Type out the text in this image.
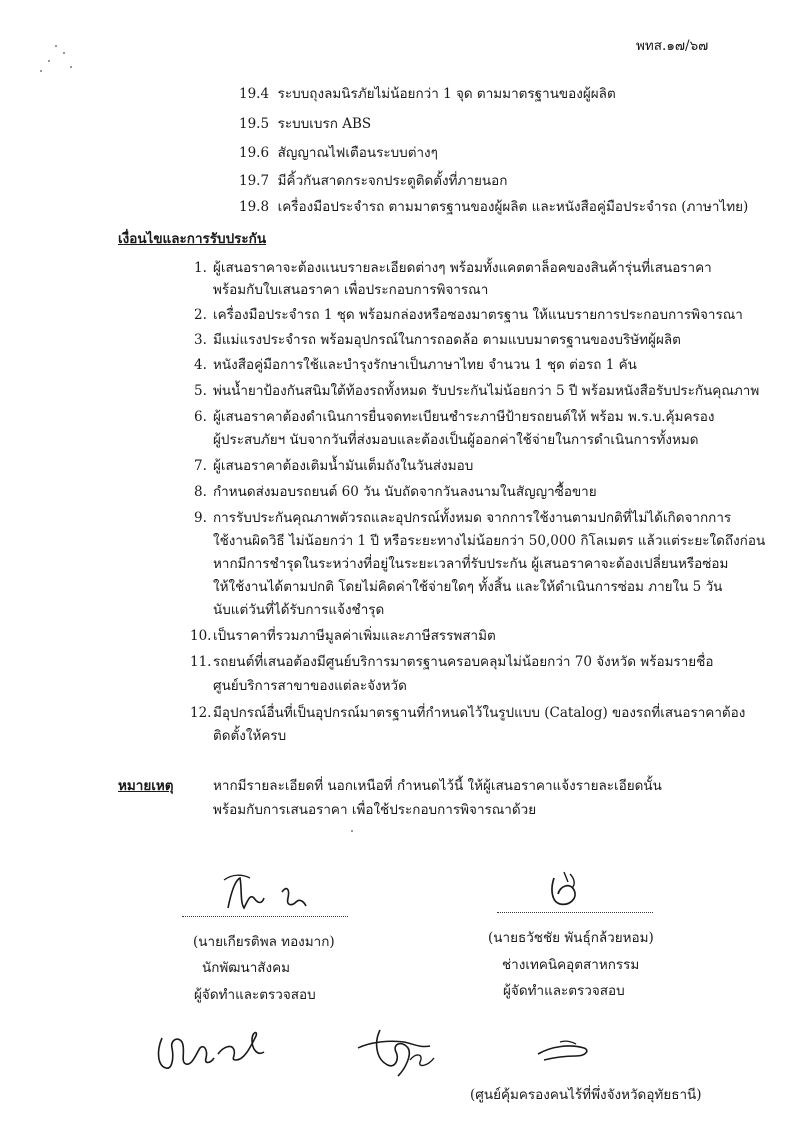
พทส.๑๗/๖๗
19.4 ระบบถุงลมนิรภัยไม่น้อยกว่า 1 จุด ตามมาตรฐานของผู้ผลิต
19.5 ระบบเบรก ABS
19.6 สัญญาณไฟเตือนระบบต่างๆ
19.7 มีคิ้วกันสาดกระจกประตูติดตั้งที่ภายนอก
19.8 เครื่องมือประจำรถ ตามมาตรฐานของผู้ผลิต และหนังสือคู่มือประจำรถ (ภาษาไทย)
เงื่อนไขและการรับประกัน
1. ผู้เสนอราคาจะต้องแนบรายละเอียดต่างๆ พร้อมทั้งแคตตาล็อคของสินค้ารุ่นที่เสนอราคา
พร้อมกับใบเสนอราคา เพื่อประกอบการพิจารณา
2. เครื่องมือประจำรถ 1 ชุด พร้อมกล่องหรือซองมาตรฐาน ให้แนบรายการประกอบการพิจารณา
3. มีแม่แรงประจำรถ พร้อมอุปกรณ์ในการถอดล้อ ตามแบบมาตรฐานของบริษัทผู้ผลิต
4. หนังสือคู่มือการใช้และบำรุงรักษาเป็นภาษาไทย จำนวน 1 ชุด ต่อรถ 1 คัน
5. พ่นน้ำยาป้องกันสนิมใต้ท้องรถทั้งหมด รับประกันไม่น้อยกว่า 5 ปี พร้อมหนังสือรับประกันคุณภาพ
6. ผู้เสนอราคาต้องดำเนินการยื่นจดทะเบียนชำระภาษีป้ายรถยนต์ให้ พร้อม พ.ร.บ.คุ้มครอง
ผู้ประสบภัยฯ นับจากวันที่ส่งมอบและต้องเป็นผู้ออกค่าใช้จ่ายในการดำเนินการทั้งหมด
7. ผู้เสนอราคาต้องเติมน้ำมันเต็มถังในวันส่งมอบ
8. กำหนดส่งมอบรถยนต์ 60 วัน นับถัดจากวันลงนามในสัญญาซื้อขาย
9. การรับประกันคุณภาพตัวรถและอุปกรณ์ทั้งหมด จากการใช้งานตามปกติที่ไม่ได้เกิดจากการ
ใช้งานผิดวิธี ไม่น้อยกว่า 1 ปี หรือระยะทางไม่น้อยกว่า 50,000 กิโลเมตร แล้วแต่ระยะใดถึงก่อน
หากมีการชำรุดในระหว่างที่อยู่ในระยะเวลาที่รับประกัน ผู้เสนอราคาจะต้องเปลี่ยนหรือซ่อม
ให้ใช้งานได้ตามปกติ โดยไม่คิดค่าใช้จ่ายใดๆ ทั้งสิ้น และให้ดำเนินการซ่อม ภายใน 5 วัน
นับแต่วันที่ได้รับการแจ้งชำรุด
10. เป็นราคาที่รวมภาษีมูลค่าเพิ่มและภาษีสรรพสามิต
11. รถยนต์ที่เสนอต้องมีศูนย์บริการมาตรฐานครอบคลุมไม่น้อยกว่า 70 จังหวัด พร้อมรายชื่อ
ศูนย์บริการสาขาของแต่ละจังหวัด
12. มีอุปกรณ์อื่นที่เป็นอุปกรณ์มาตรฐานที่กำหนดไว้ในรูปแบบ (Catalog) ของรถที่เสนอราคาต้อง
ติดตั้งให้ครบ
หมายเหตุ	หากมีรายละเอียดที่ นอกเหนือที่ กำหนดไว้นี้ ให้ผู้เสนอราคาแจ้งรายละเอียดนั้น
พร้อมกับการเสนอราคา เพื่อใช้ประกอบการพิจารณาด้วย
(นายเกียรติพล ทองมาก)
นักพัฒนาสังคม
ผู้จัดทำและตรวจสอบ
(นายธวัชชัย พันธุ์กล้วยหอม)
ช่างเทคนิคอุตสาหกรรม
ผู้จัดทำและตรวจสอบ
(ศูนย์คุ้มครองคนไร้ที่พึ่งจังหวัดอุทัยธานี)
